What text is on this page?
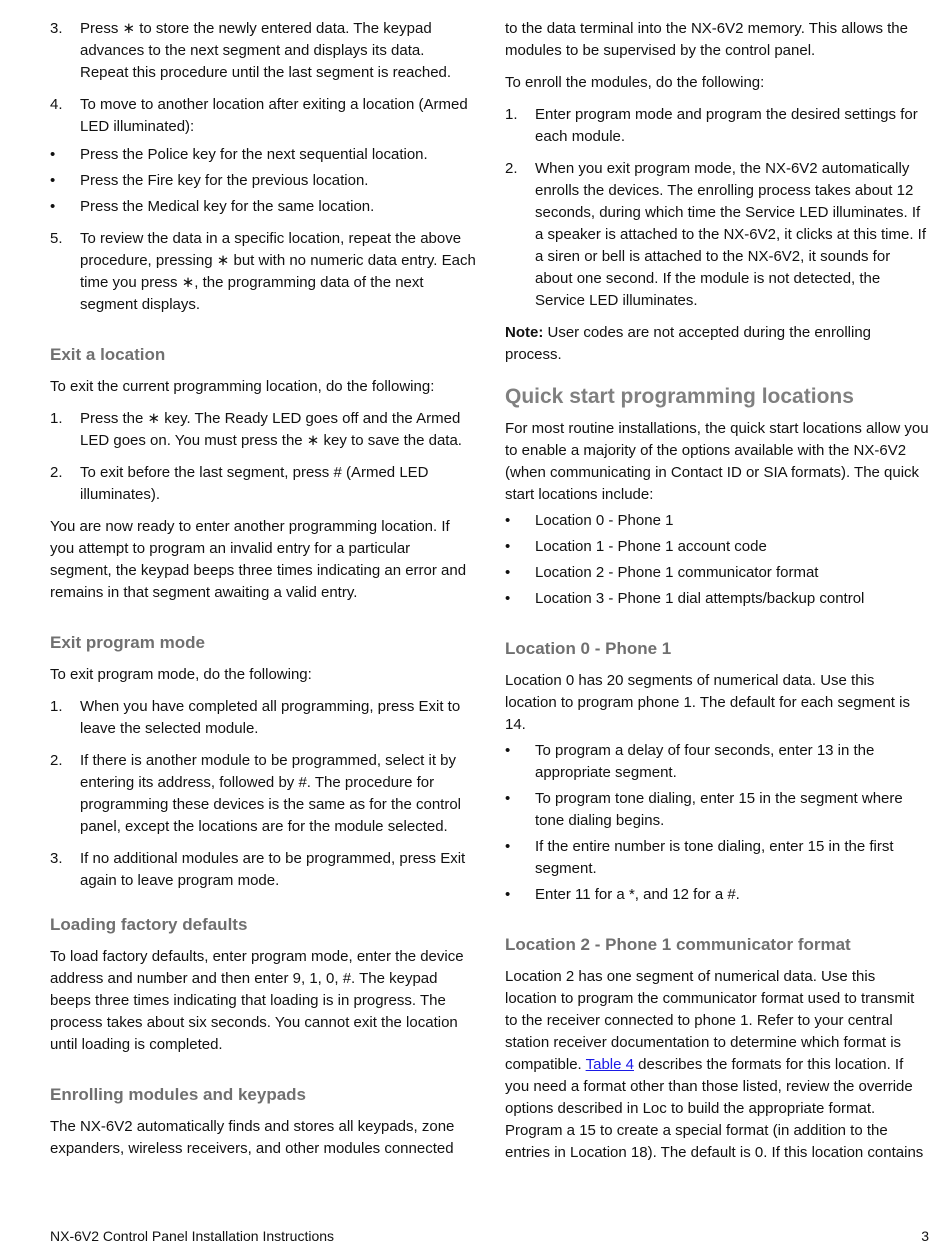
3. Press ∗ to store the newly entered data. The keypad advances to the next segment and displays its data. Repeat this procedure until the last segment is reached.
4. To move to another location after exiting a location (Armed LED illuminated):
• Press the Police key for the next sequential location.
• Press the Fire key for the previous location.
• Press the Medical key for the same location.
5. To review the data in a specific location, repeat the above procedure, pressing ∗ but with no numeric data entry. Each time you press ∗, the programming data of the next segment displays.
Exit a location
To exit the current programming location, do the following:
1. Press the ∗ key. The Ready LED goes off and the Armed LED goes on. You must press the ∗ key to save the data.
2. To exit before the last segment, press # (Armed LED illuminates).
You are now ready to enter another programming location. If you attempt to program an invalid entry for a particular segment, the keypad beeps three times indicating an error and remains in that segment awaiting a valid entry.
Exit program mode
To exit program mode, do the following:
1. When you have completed all programming, press Exit to leave the selected module.
2. If there is another module to be programmed, select it by entering its address, followed by #. The procedure for programming these devices is the same as for the control panel, except the locations are for the module selected.
3. If no additional modules are to be programmed, press Exit again to leave program mode.
Loading factory defaults
To load factory defaults, enter program mode, enter the device address and number and then enter 9, 1, 0, #. The keypad beeps three times indicating that loading is in progress. The process takes about six seconds. You cannot exit the location until loading is completed.
Enrolling modules and keypads
The NX-6V2 automatically finds and stores all keypads, zone expanders, wireless receivers, and other modules connected
to the data terminal into the NX-6V2 memory. This allows the modules to be supervised by the control panel.
To enroll the modules, do the following:
1. Enter program mode and program the desired settings for each module.
2. When you exit program mode, the NX-6V2 automatically enrolls the devices. The enrolling process takes about 12 seconds, during which time the Service LED illuminates. If a speaker is attached to the NX-6V2, it clicks at this time. If a siren or bell is attached to the NX-6V2, it sounds for about one second. If the module is not detected, the Service LED illuminates.
Note: User codes are not accepted during the enrolling process.
Quick start programming locations
For most routine installations, the quick start locations allow you to enable a majority of the options available with the NX-6V2 (when communicating in Contact ID or SIA formats). The quick start locations include:
• Location 0 - Phone 1
• Location 1 - Phone 1 account code
• Location 2 - Phone 1 communicator format
• Location 3 - Phone 1 dial attempts/backup control
Location 0 - Phone 1
Location 0 has 20 segments of numerical data. Use this location to program phone 1. The default for each segment is 14.
• To program a delay of four seconds, enter 13 in the appropriate segment.
• To program tone dialing, enter 15 in the segment where tone dialing begins.
• If the entire number is tone dialing, enter 15 in the first segment.
• Enter 11 for a *, and 12 for a #.
Location 2 - Phone 1 communicator format
Location 2 has one segment of numerical data. Use this location to program the communicator format used to transmit to the receiver connected to phone 1. Refer to your central station receiver documentation to determine which format is compatible. Table 4 describes the formats for this location. If you need a format other than those listed, review the override options described in Loc to build the appropriate format. Program a 15 to create a special format (in addition to the entries in Location 18). The default is 0. If this location contains
NX-6V2 Control Panel Installation Instructions	3
